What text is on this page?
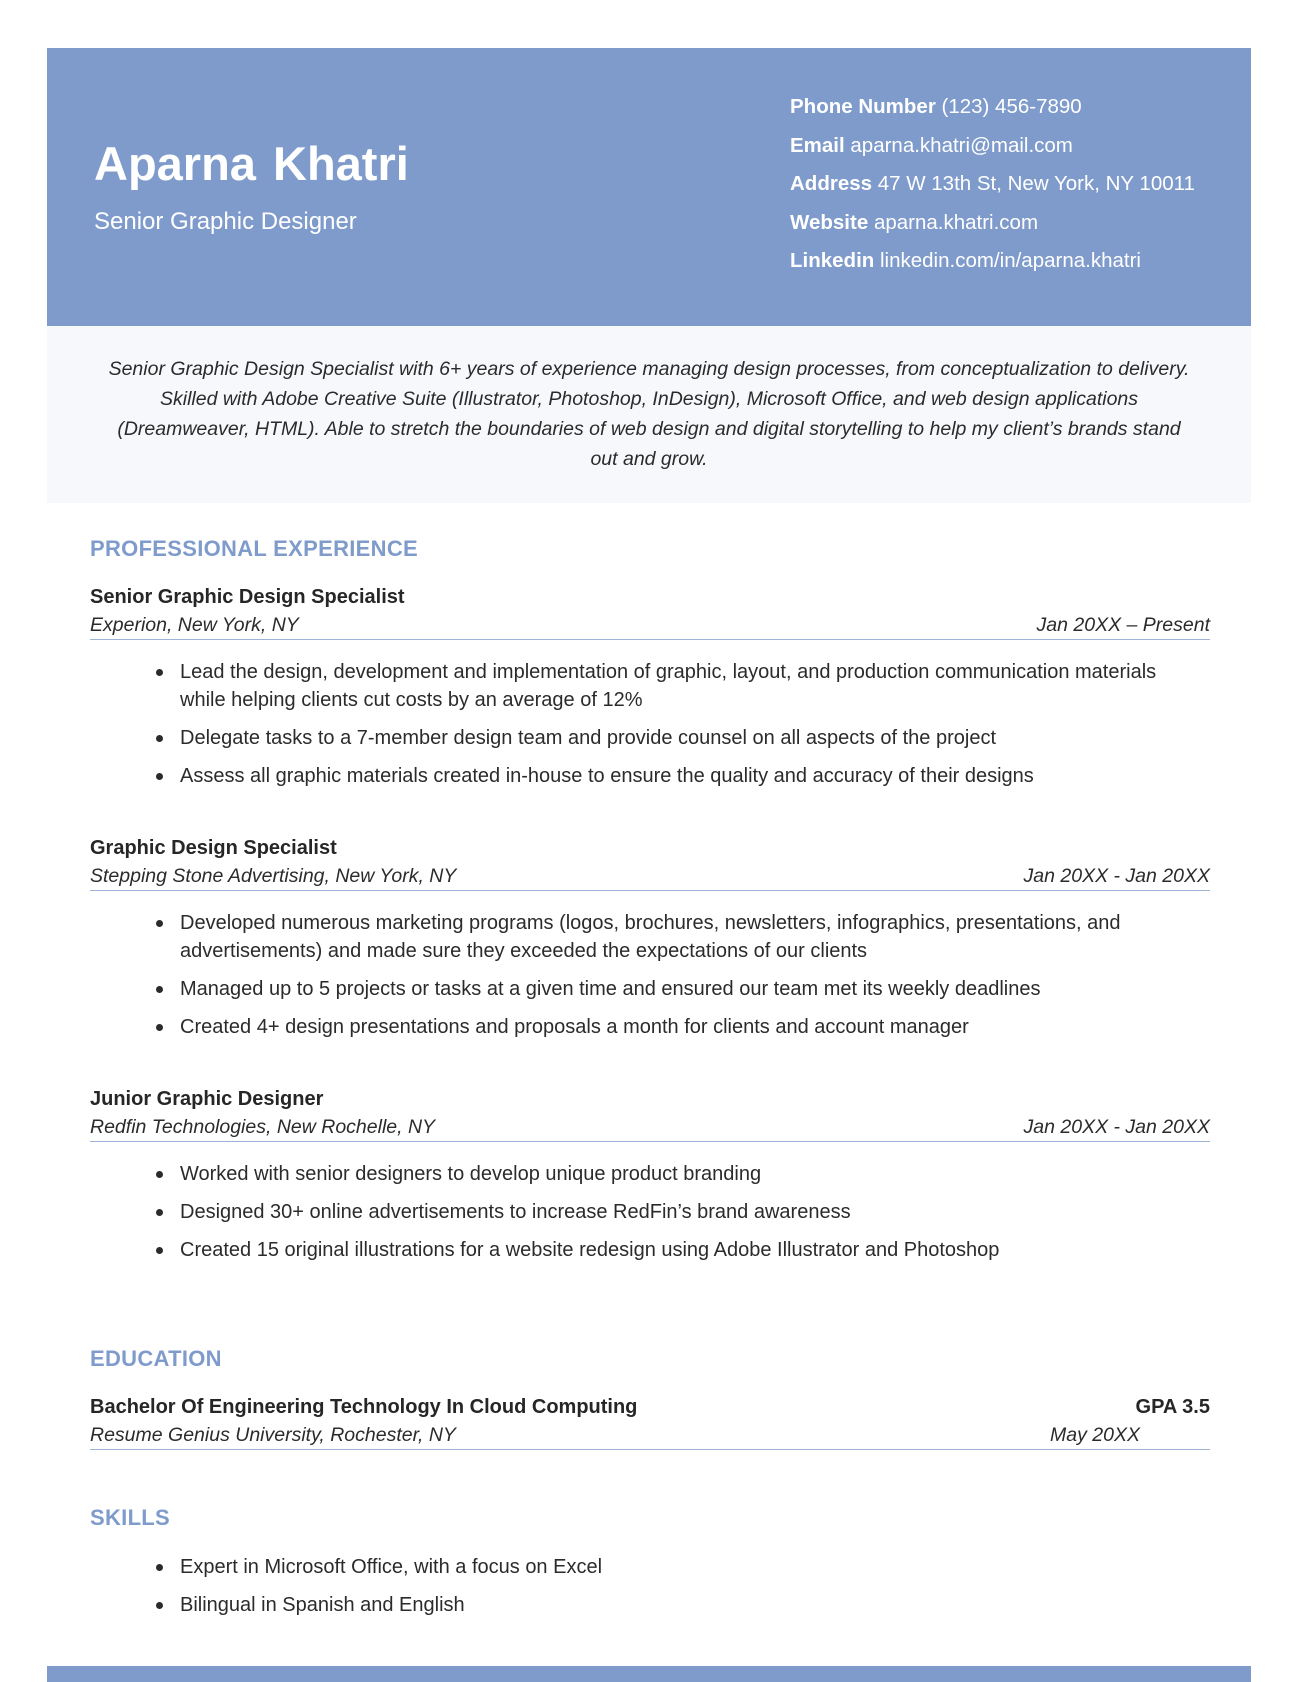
Aparna Khatri
Senior Graphic Designer
Phone Number (123) 456-7890
Email aparna.khatri@mail.com
Address 47 W 13th St, New York, NY 10011
Website aparna.khatri.com
Linkedin linkedin.com/in/aparna.khatri

Senior Graphic Design Specialist with 6+ years of experience managing design processes, from conceptualization to delivery. Skilled with Adobe Creative Suite (Illustrator, Photoshop, InDesign), Microsoft Office, and web design applications (Dreamweaver, HTML). Able to stretch the boundaries of web design and digital storytelling to help my client’s brands stand out and grow.

PROFESSIONAL EXPERIENCE
Senior Graphic Design Specialist
Experion, New York, NY	Jan 20XX – Present
Lead the design, development and implementation of graphic, layout, and production communication materials while helping clients cut costs by an average of 12%
Delegate tasks to a 7-member design team and provide counsel on all aspects of the project
Assess all graphic materials created in-house to ensure the quality and accuracy of their designs
Graphic Design Specialist
Stepping Stone Advertising, New York, NY	Jan 20XX - Jan 20XX
Developed numerous marketing programs (logos, brochures, newsletters, infographics, presentations, and advertisements) and made sure they exceeded the expectations of our clients
Managed up to 5 projects or tasks at a given time and ensured our team met its weekly deadlines
Created 4+ design presentations and proposals a month for clients and account manager
Junior Graphic Designer
Redfin Technologies, New Rochelle, NY	Jan 20XX - Jan 20XX
Worked with senior designers to develop unique product branding
Designed 30+ online advertisements to increase RedFin’s brand awareness
Created 15 original illustrations for a website redesign using Adobe Illustrator and Photoshop
EDUCATION
Bachelor Of Engineering Technology In Cloud Computing	GPA 3.5
Resume Genius University, Rochester, NY	May 20XX
SKILLS
Expert in Microsoft Office, with a focus on Excel
Bilingual in Spanish and English
